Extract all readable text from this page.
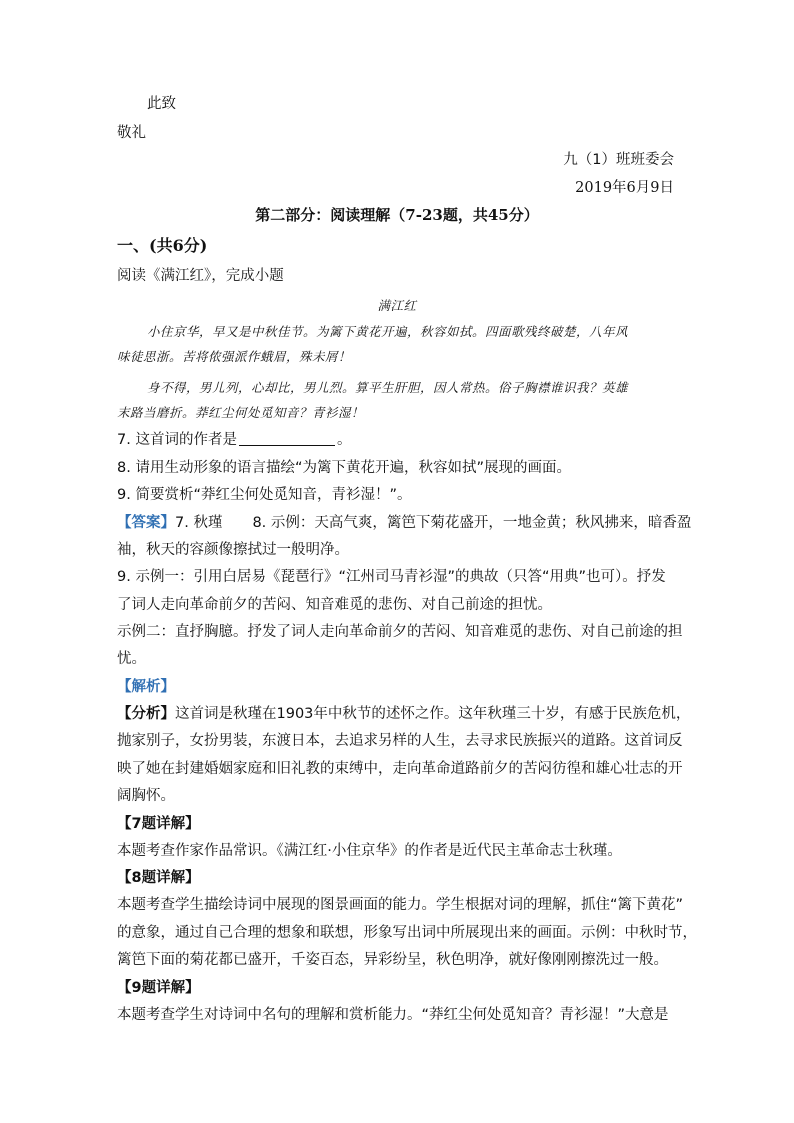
此致
敬礼
九（1）班班委会
2019年6月9日
第二部分：阅读理解（7-23题，共45分）
一、(共6分)
阅读《满江红》，完成小题
满江红
小住京华，早又是中秋佳节。为篱下黄花开遍，秋容如拭。四面歌残终破楚，八年风
味徒思浙。苦将侬强派作蛾眉，殊未屑！
身不得，男儿列，心却比，男儿烈。算平生肝胆，因人常热。俗子胸襟谁识我？英雄
末路当磨折。莽红尘何处觅知音？青衫湿！
7. 这首词的作者是	。
8. 请用生动形象的语言描绘“为篱下黄花开遍，秋容如拭”展现的画面。
9. 简要赏析“莽红尘何处觅知音，青衫湿！”。
【答案】7. 秋瑾 8. 示例：天高气爽，篱笆下菊花盛开，一地金黄；秋风拂来，暗香盈
袖，秋天的容颜像擦拭过一般明净。
9. 示例一：引用白居易《琵琶行》“江州司马青衫湿”的典故（只答“用典”也可）。抒发
了词人走向革命前夕的苦闷、知音难觅的悲伤、对自己前途的担忧。
示例二：直抒胸臆。抒发了词人走向革命前夕的苦闷、知音难觅的悲伤、对自己前途的担
忧。
【解析】
【分析】这首词是秋瑾在1903年中秋节的述怀之作。这年秋瑾三十岁，有感于民族危机，
抛家别子，女扮男装，东渡日本，去追求另样的人生，去寻求民族振兴的道路。这首词反
映了她在封建婚姻家庭和旧礼教的束缚中，走向革命道路前夕的苦闷彷徨和雄心壮志的开
阔胸怀。
【7题详解】
本题考查作家作品常识。《满江红·小住京华》的作者是近代民主革命志士秋瑾。
【8题详解】
本题考查学生描绘诗词中展现的图景画面的能力。学生根据对词的理解，抓住“篱下黄花”
的意象，通过自己合理的想象和联想，形象写出词中所展现出来的画面。示例：中秋时节，
篱笆下面的菊花都已盛开，千姿百态，异彩纷呈，秋色明净，就好像刚刚擦洗过一般。
【9题详解】
本题考查学生对诗词中名句的理解和赏析能力。“莽红尘何处觅知音？青衫湿！”大意是
